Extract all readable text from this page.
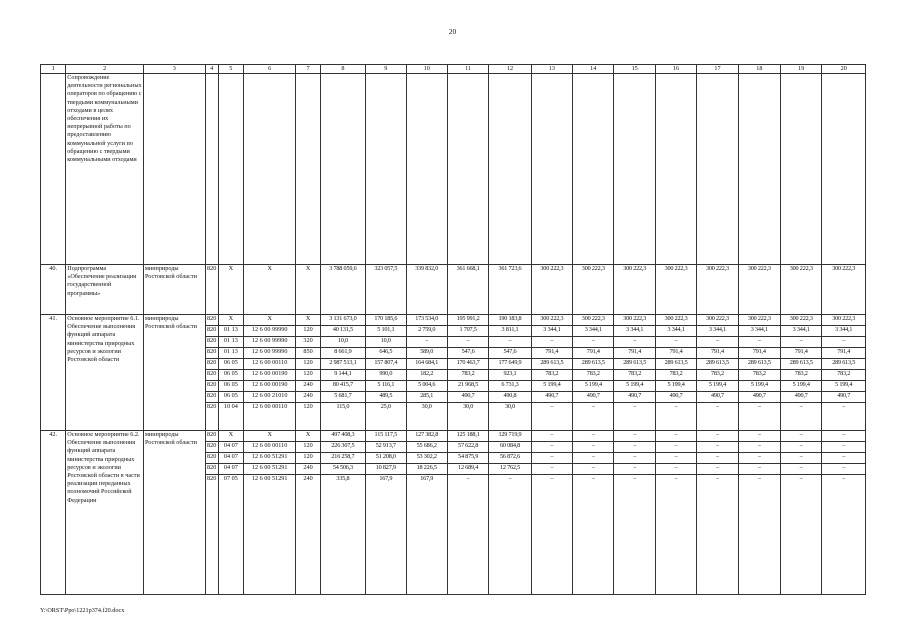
20
1	2	3	4	5	6	7	8	9	10	11	12	13	14	15	16	17	18	19	20
	Сопровождение деятельности региональных операторов по обращению с твердыми коммунальными отходами в целях обеспечения их непрерывной работы по предоставлению коммунальной услуги по обращению с твердыми коммунальными отходами																		
40.	Подпрограмма «Обеспечение реализации государственной программы»	минприроды Ростовской области	820	Х	Х	Х	3 788 059,6	323 057,5	339 832,0	361 668,1	361 723,6	300 222,3	300 222,3	300 222,3	300 222,3	300 222,3	300 222,3	300 222,3	300 222,3
41.	Основное мероприятие 6.1. Обеспечение выполнения функций аппарата министерства природных ресурсов и экологии Ростовской области	минприроды Ростовской области	820	Х	Х	Х	3 131 673,0	170 185,6	173 534,0	195 991,2	190 183,8	300 222,3	300 222,3	300 222,3	300 222,3	300 222,3	300 222,3	300 222,3	300 222,3
			820	01 13	12 6 00 99990	120	40 131,5	5 101,1	2 759,0	1 707,5	3 811,1	3 344,1	3 344,1	3 344,1	3 344,1	3 344,1	3 344,1	3 344,1	3 344,1
			820	01 13	12 6 00 99990	320	10,0	10,0	–	–	–	–	–	–	–	–	–	–	–
			820	01 13	12 6 00 99990	850	8 661,9	646,5	589,0	547,6	547,6	791,4	791,4	791,4	791,4	791,4	791,4	791,4	791,4
			820	06 05	12 6 00 00110	120	2 987 513,1	157 807,4	164 684,1	170 463,7	177 649,9	289 613,5	289 613,5	289 613,5	289 613,5	289 613,5	289 613,5	289 613,5	289 613,5
			820	06 05	12 6 00 00190	120	9 144,1	990,0	182,2	783,2	923,1	783,2	783,2	783,2	783,2	783,2	783,2	783,2	783,2
			820	06 05	12 6 00 00190	240	80 415,7	5 116,1	5 004,6	21 968,5	6 731,3	5 199,4	5 199,4	5 199,4	5 199,4	5 199,4	5 199,4	5 199,4	5 199,4
			820	06 05	12 6 00 21010	240	5 681,7	489,5	285,1	490,7	490,8	490,7	490,7	490,7	490,7	490,7	490,7	490,7	490,7
			820	10 04	12 6 00 00110	120	115,0	25,0	30,0	30,0	30,0	–	–	–	–	–	–	–	–
42.	Основное мероприятие 6.2. Обеспечение выполнения функций аппарата министерства природных ресурсов и экологии Ростовской области в части реализации переданных полномочий Российской Федерации	минприроды Ростовской области	820	Х	Х	Х	497 408,3	115 117,5	127 382,8	125 188,1	129 719,9	–	–	–	–	–	–	–	–
			820	04 07	12 6 00 00110	120	226 307,5	52 913,7	55 686,2	57 622,8	60 084,8	–	–	–	–	–	–	–	–
			820	04 07	12 6 00 51291	120	216 258,7	51 208,0	53 302,2	54 875,9	56 872,6	–	–	–	–	–	–	–	–
			820	04 07	12 6 00 51291	240	54 506,3	10 827,9	18 226,5	12 689,4	12 762,5	–	–	–	–	–	–	–	–
			820	07 05	12 6 00 51291	240	335,8	167,9	167,9	–	–	–	–	–	–	–	–	–	–
Y:\ORST\Ppo\1221p374.f20.docx
